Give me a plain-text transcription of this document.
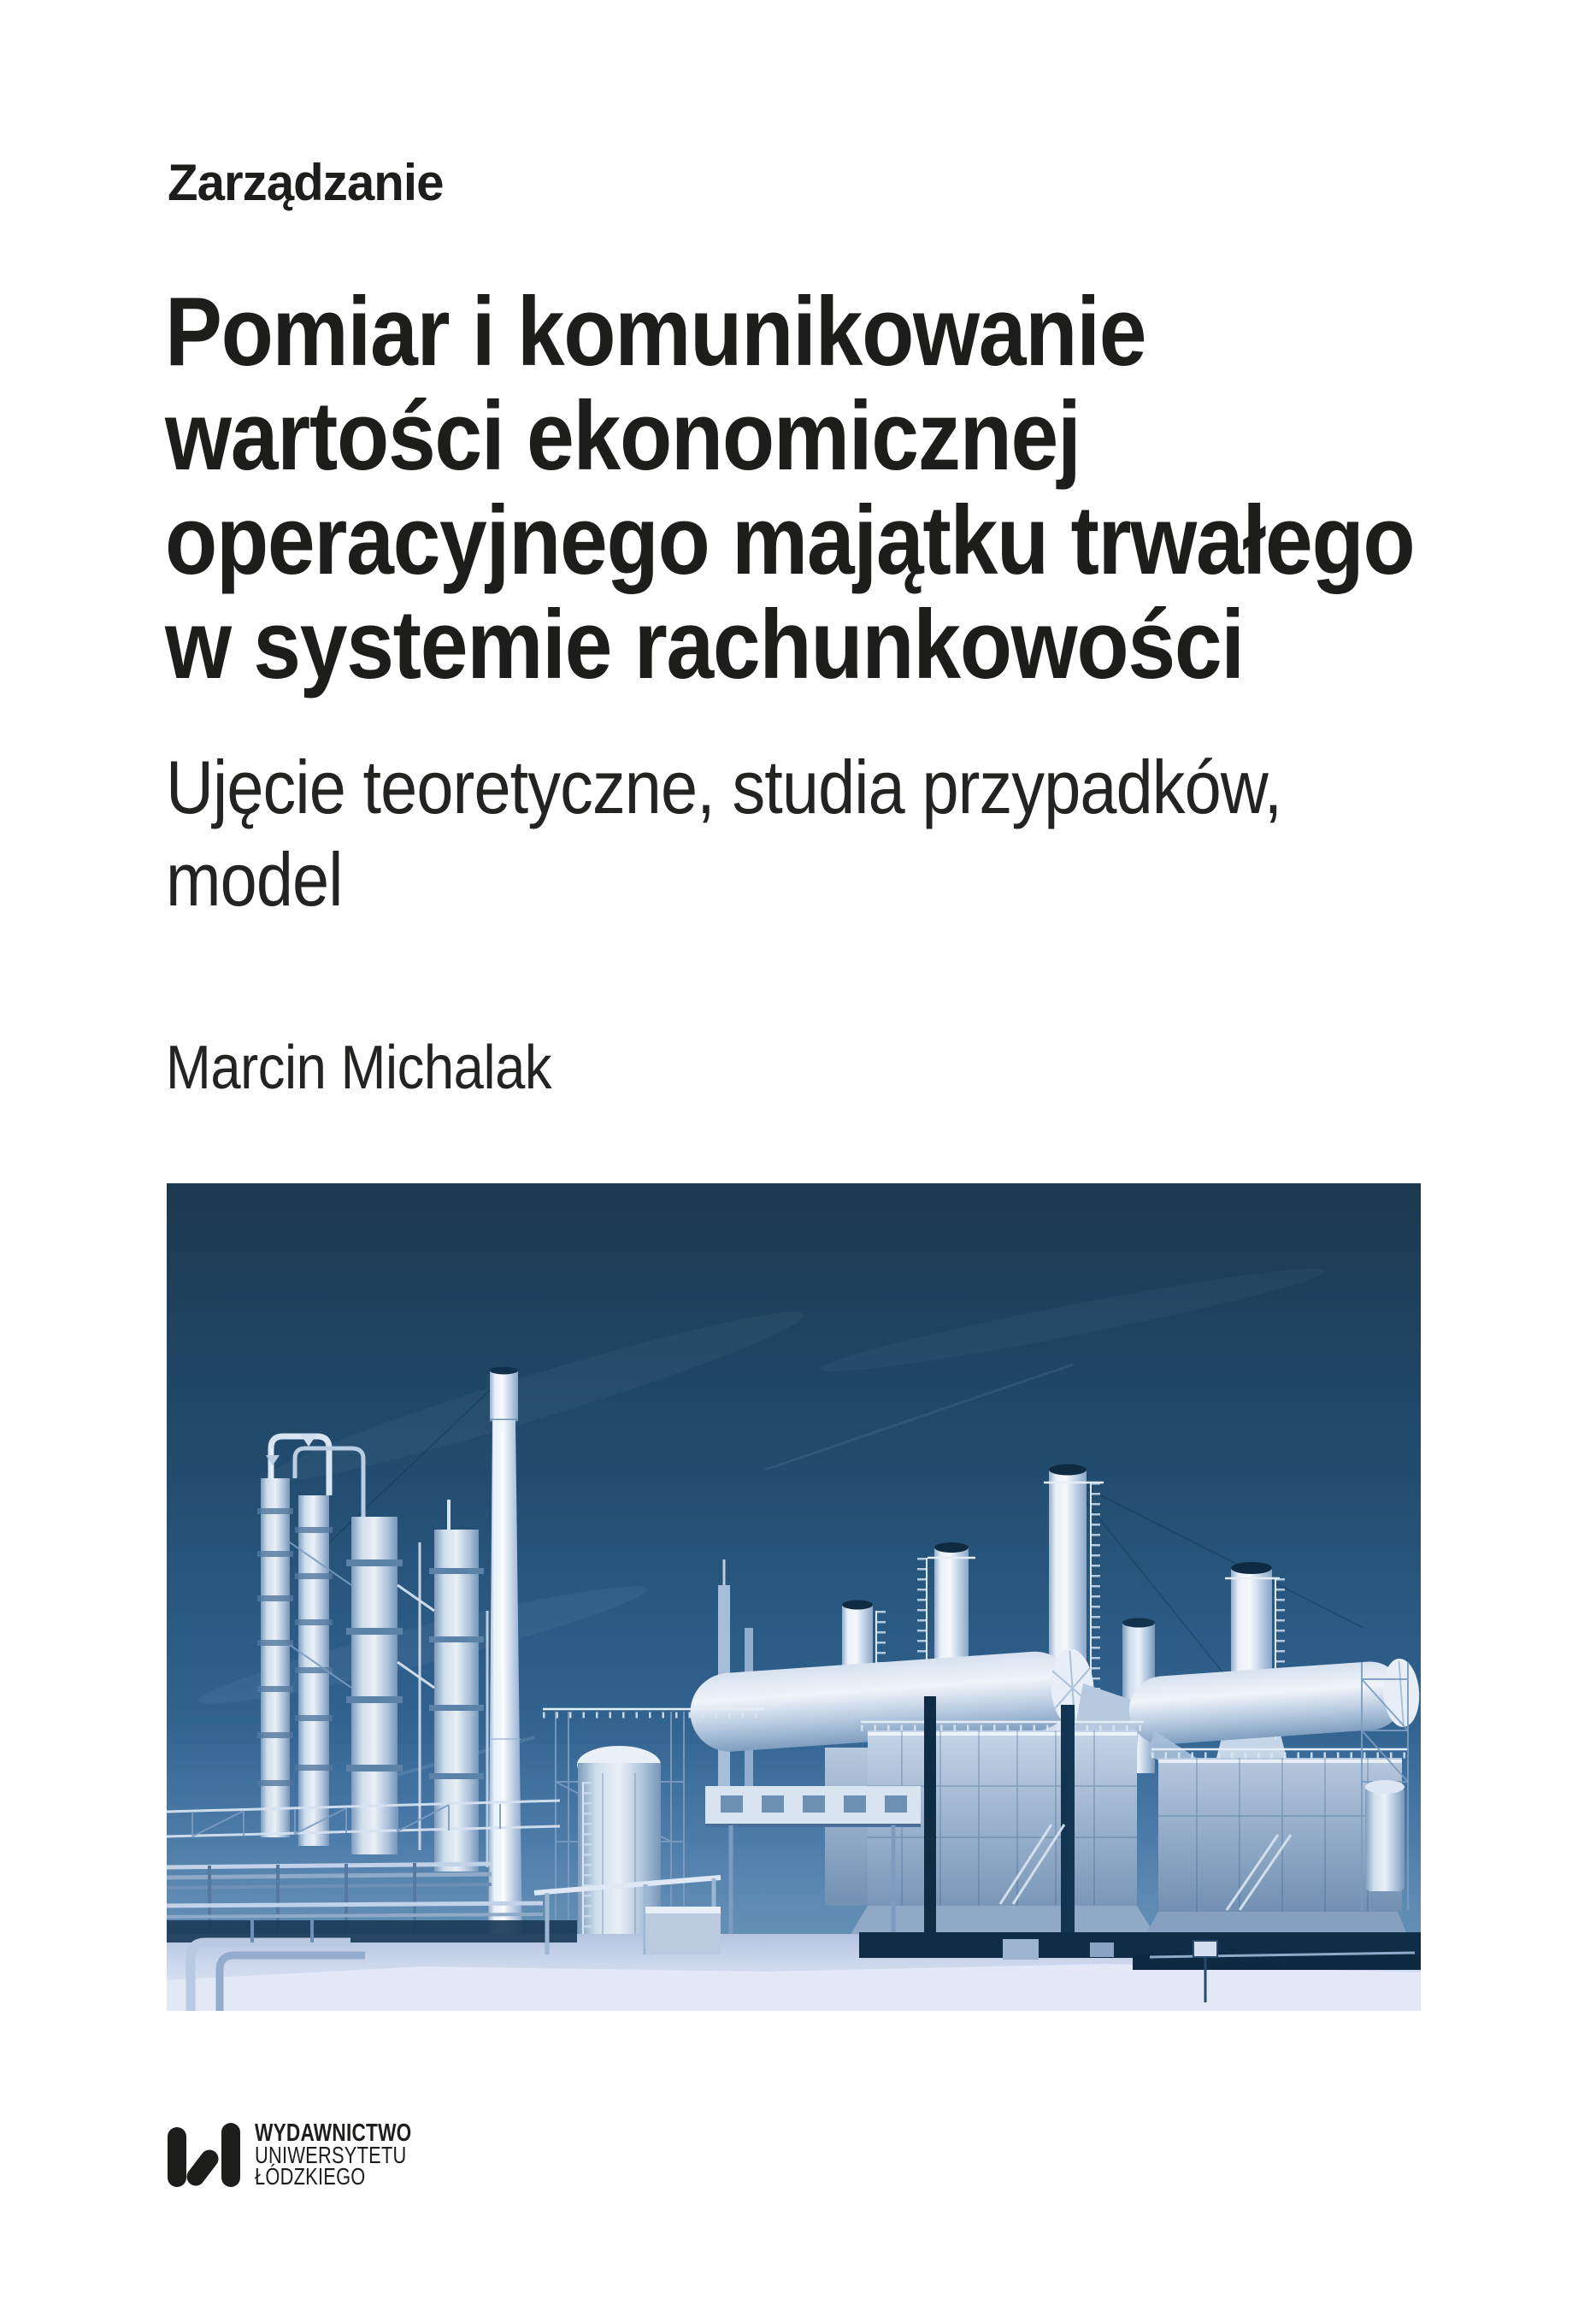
Zarządzanie
Pomiar i komunikowanie
wartości ekonomicznej
operacyjnego majątku trwałego
w systemie rachunkowości
Ujęcie teoretyczne, studia przypadków,
model
Marcin Michalak
WYDAWNICTWO
UNIWERSYTETU
ŁÓDZKIEGO
